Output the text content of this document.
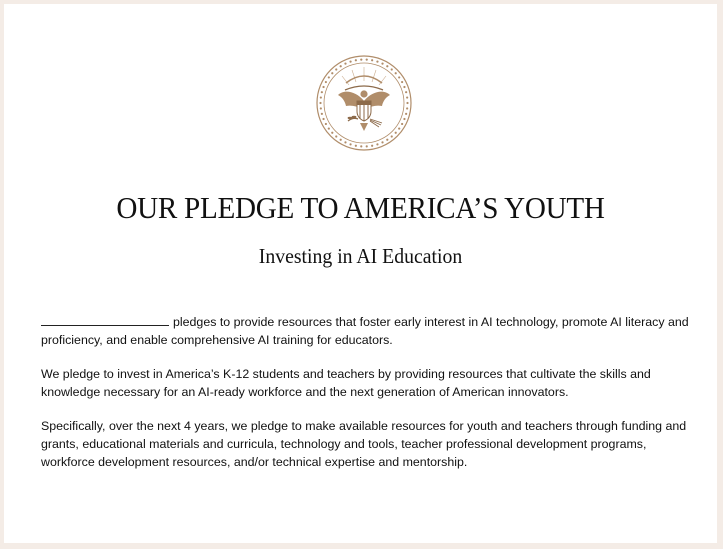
OUR PLEDGE TO AMERICA’S YOUTH
Investing in AI Education

pledges to provide resources that foster early interest in AI technology, promote AI literacy and proficiency, and enable comprehensive AI training for educators.

We pledge to invest in America’s K-12 students and teachers by providing resources that cultivate the skills and knowledge necessary for an AI-ready workforce and the next generation of American innovators.

Specifically, over the next 4 years, we pledge to make available resources for youth and teachers through funding and grants, educational materials and curricula, technology and tools, teacher professional development programs, workforce development resources, and/or technical expertise and mentorship.
